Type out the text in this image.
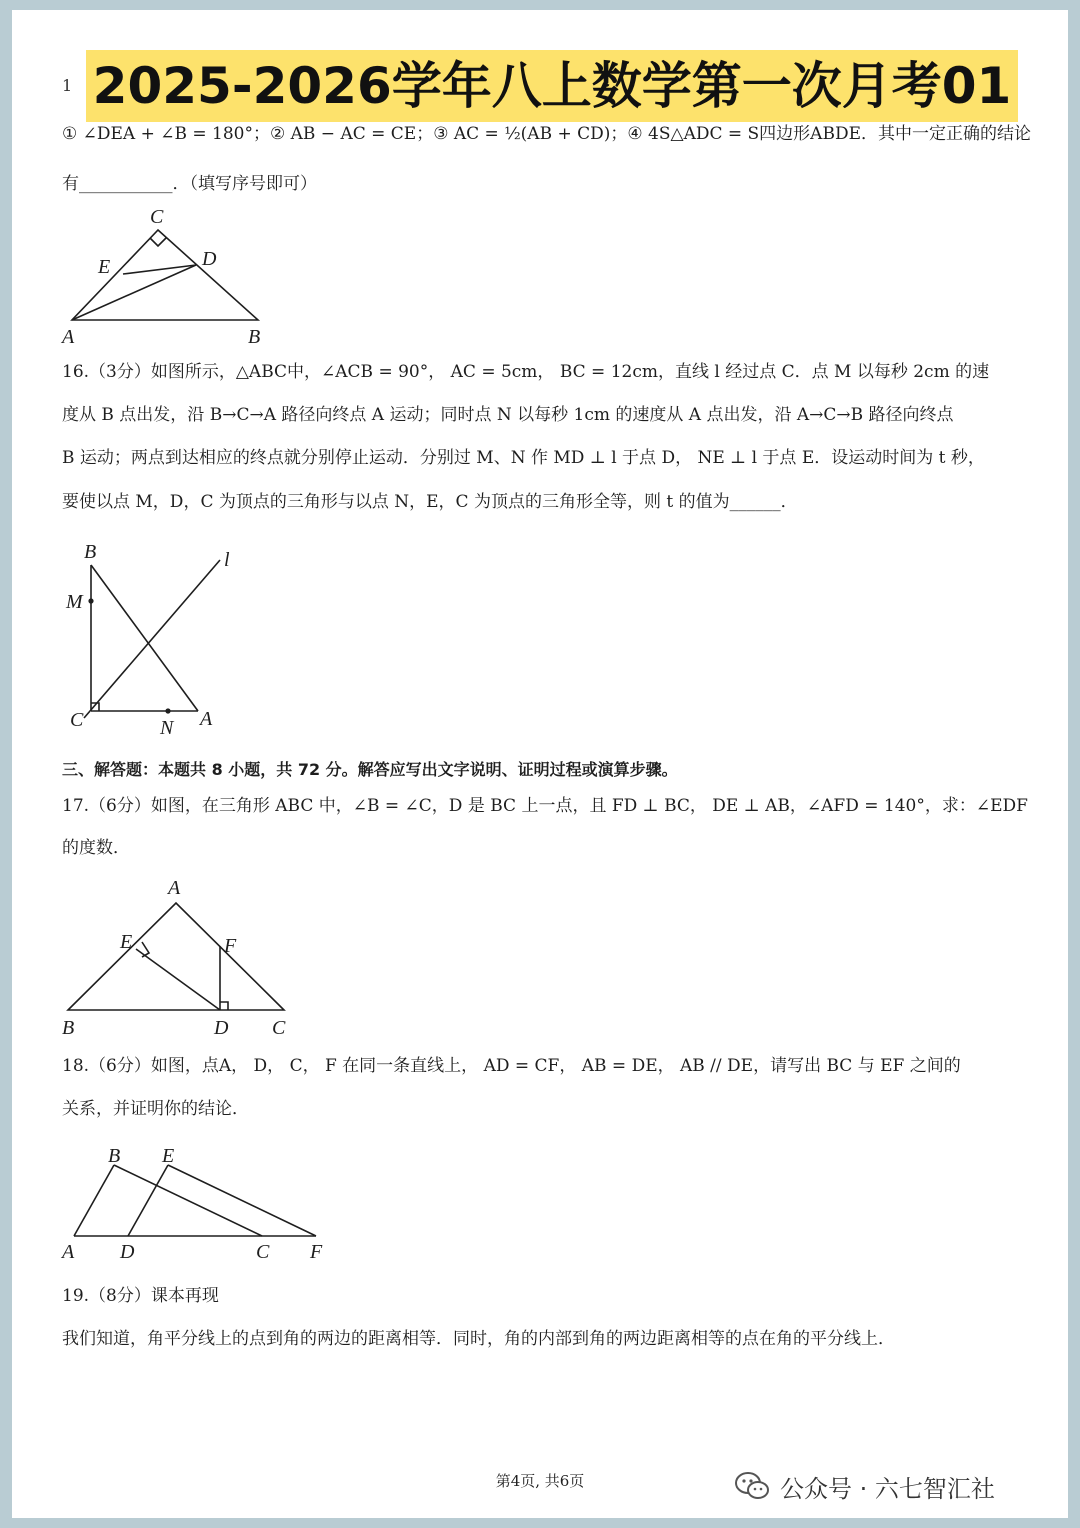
1 2025-2026学年八上数学第一次月考01
① ∠DEA + ∠B = 180°；② AB − AC = CE；③ AC = ½(AB + CD)；④ 4S△ADC = S四边形ABDE．其中一定正确的结论
有___________．（填写序号即可）
C
E	D
A	B
16.（3分）如图所示，△ABC中，∠ACB = 90°， AC = 5cm， BC = 12cm，直线 l 经过点 C．点 M 以每秒 2cm 的速
度从 B 点出发，沿 B→C→A 路径向终点 A 运动；同时点 N 以每秒 1cm 的速度从 A 点出发，沿 A→C→B 路径向终点
B 运动；两点到达相应的终点就分别停止运动．分别过 M、N 作 MD ⊥ l 于点 D， NE ⊥ l 于点 E．设运动时间为 t 秒，
要使以点 M，D，C 为顶点的三角形与以点 N，E，C 为顶点的三角形全等，则 t 的值为______．
B	l
M
C	N A
三、解答题：本题共 8 小题，共 72 分。解答应写出文字说明、证明过程或演算步骤。
17.（6分）如图，在三角形 ABC 中，∠B = ∠C，D 是 BC 上一点，且 FD ⊥ BC， DE ⊥ AB，∠AFD = 140°，求：∠EDF
的度数．
A
E	F
B	D C
18.（6分）如图，点A， D， C， F 在同一条直线上， AD = CF， AB = DE， AB // DE，请写出 BC 与 EF 之间的
关系，并证明你的结论．
B E
A D	C F
19.（8分）课本再现
我们知道，角平分线上的点到角的两边的距离相等．同时，角的内部到角的两边距离相等的点在角的平分线上．
第4页, 共6页	公众号 · 六七智汇社
